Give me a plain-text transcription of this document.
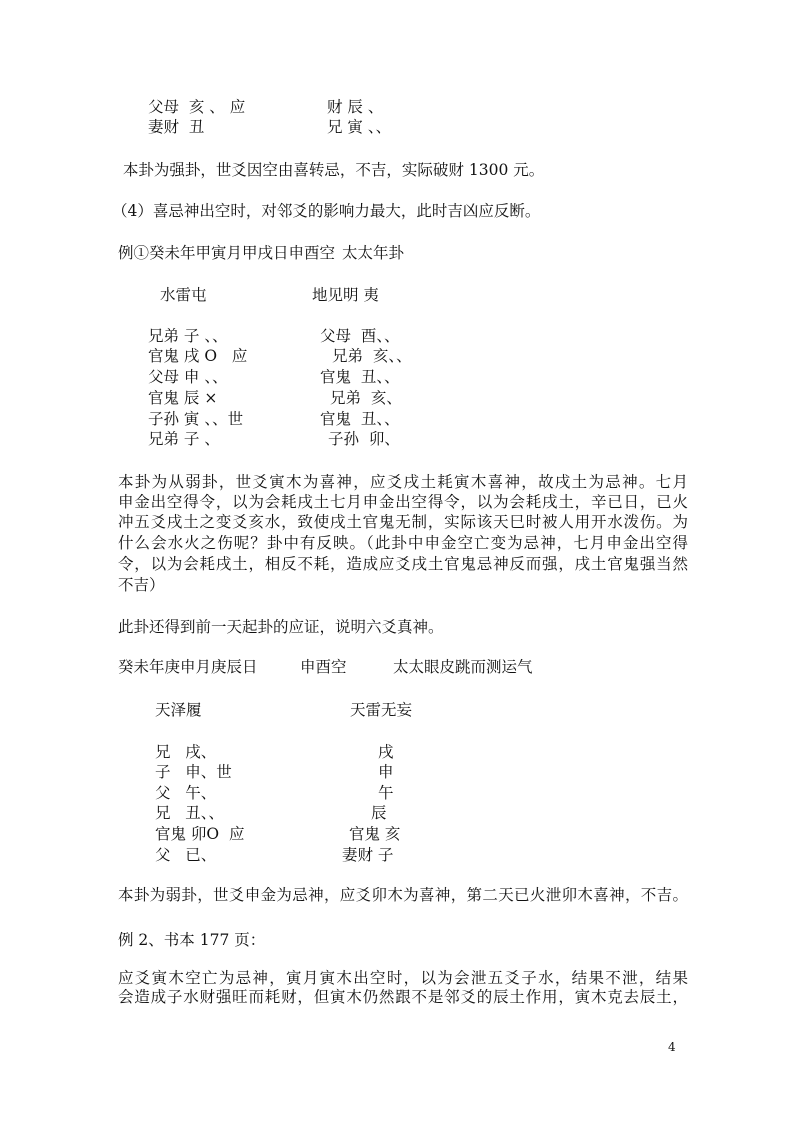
父母  亥 、 应	财 辰 、
妻财  丑	兄 寅 、、
本卦为强卦，世爻因空由喜转忌，不吉，实际破财 1300 元。
（4）喜忌神出空时，对邻爻的影响力最大，此时吉凶应反断。
例①癸未年甲寅月甲戌日申酉空 太太年卦
水雷屯	地见明 夷
兄弟 子 、、	父母  酉、、
官鬼 戌 O   应	兄弟  亥、、
父母 申 、、	官鬼  丑、、
官鬼 辰 ×	兄弟  亥、
子孙 寅 、、世	官鬼  丑、、
兄弟 子 、	子孙  卯、
本卦为从弱卦，世爻寅木为喜神，应爻戌土耗寅木喜神，故戌土为忌神。七月
申金出空得令，以为会耗戌土七月申金出空得令，以为会耗戌土，辛已日，已火
冲五爻戌土之变爻亥水，致使戌土官鬼无制，实际该天巳时被人用开水泼伤。为
什么会水火之伤呢？卦中有反映。（此卦中申金空亡变为忌神，七月申金出空得
令，以为会耗戌土，相反不耗，造成应爻戌土官鬼忌神反而强，戌土官鬼强当然
不吉）
此卦还得到前一天起卦的应证，说明六爻真神。
癸未年庚申月庚辰日	申酉空	太太眼皮跳而测运气
天泽履	天雷无妄
兄   戌、	戌
子   申、世	申
父   午、	午
兄   丑、、	辰
官鬼 卯O  应	官鬼 亥
父   已、	妻财 子
本卦为弱卦，世爻申金为忌神，应爻卯木为喜神，第二天已火泄卯木喜神，不吉。
例 2、书本 177 页：
应爻寅木空亡为忌神，寅月寅木出空时，以为会泄五爻子水，结果不泄，结果
会造成子水财强旺而耗财，但寅木仍然跟不是邻爻的辰土作用，寅木克去辰土，
4
